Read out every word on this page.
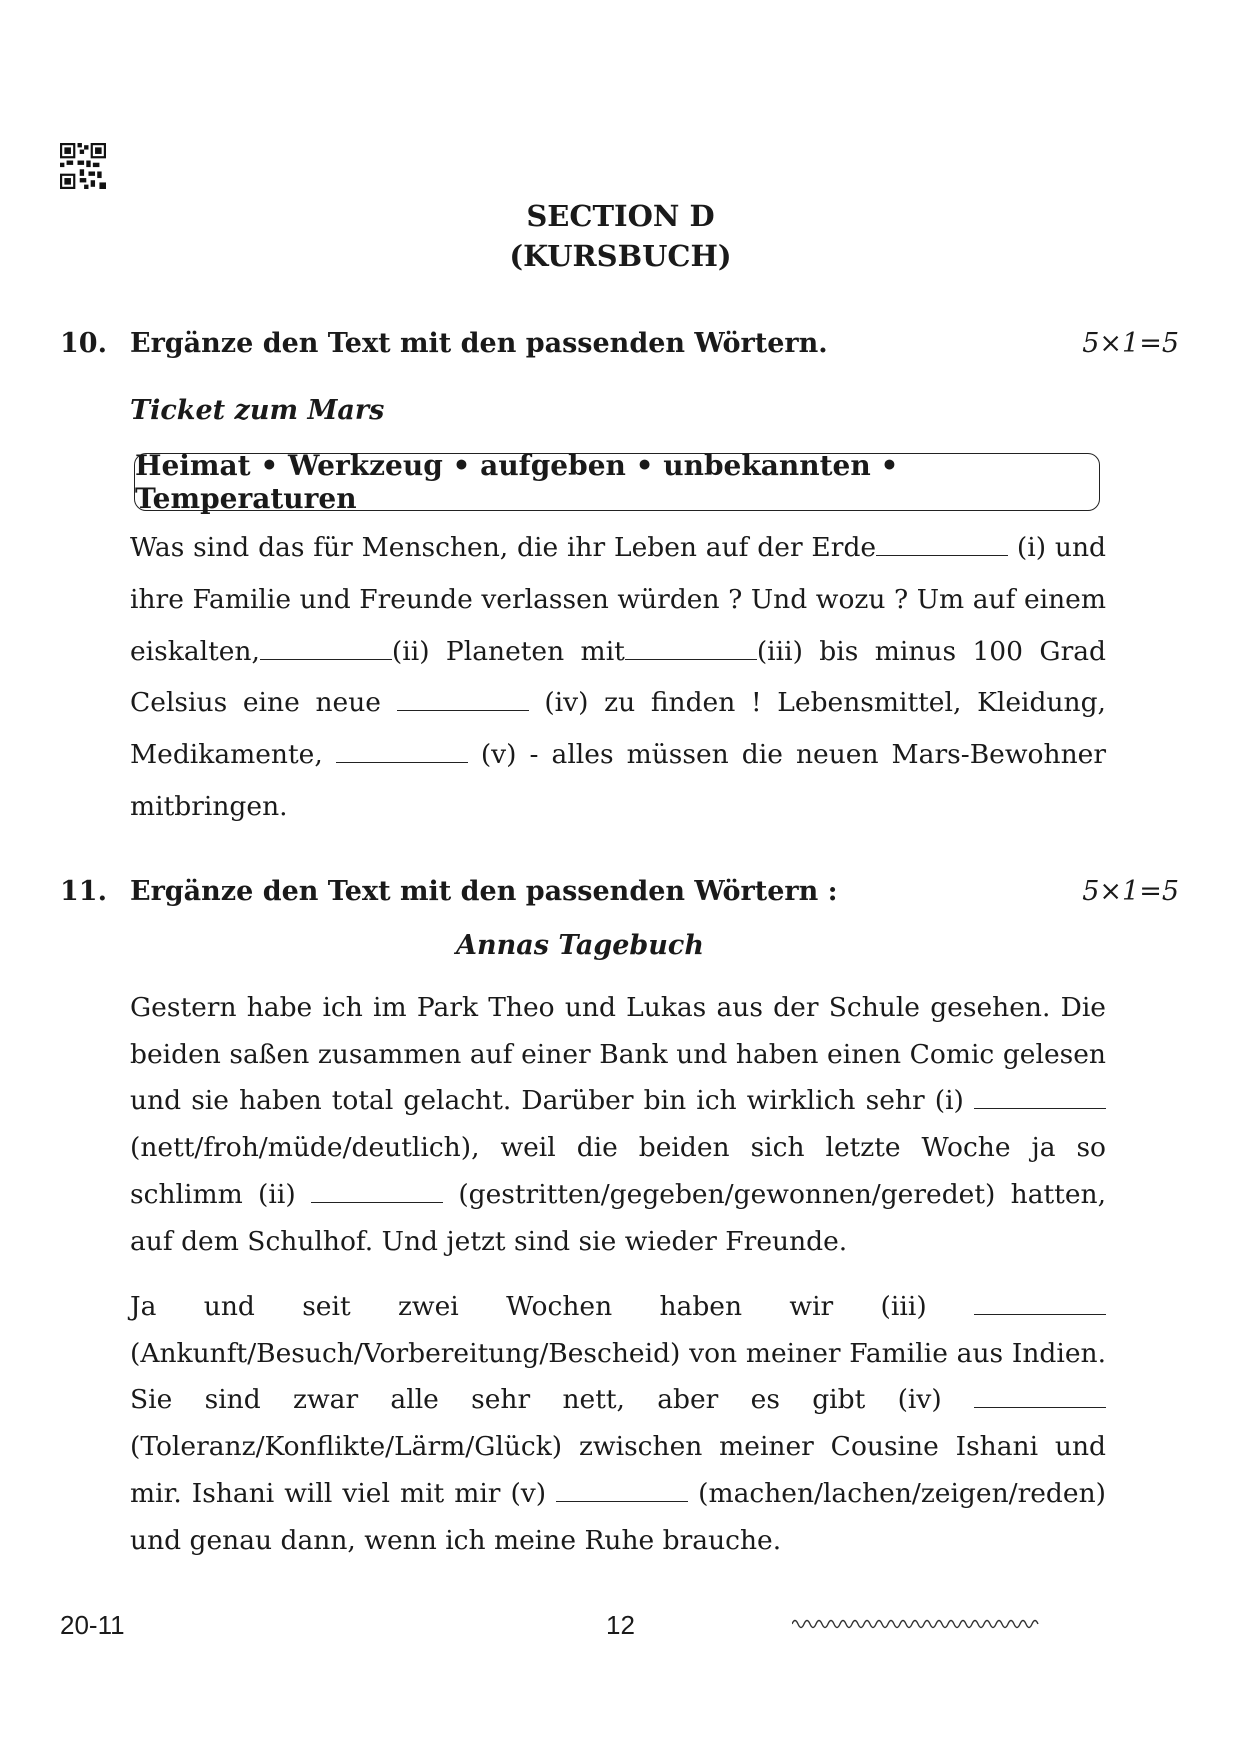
SECTION D
(KURSBUCH)
10. Ergänze den Text mit den passenden Wörtern.	5×1=5
Ticket zum Mars
Heimat • Werkzeug • aufgeben • unbekannten • Temperaturen
Was sind das für Menschen, die ihr Leben auf der Erde	(i) und ihre Familie und Freunde verlassen würden ? Und wozu ? Um auf einem eiskalten,	(ii) Planeten mit	(iii) bis minus 100 Grad Celsius eine neue	(iv) zu finden ! Lebensmittel, Kleidung, Medikamente,	(v) - alles müssen die neuen Mars-Bewohner mitbringen.
11. Ergänze den Text mit den passenden Wörtern :	5×1=5
Annas Tagebuch
Gestern habe ich im Park Theo und Lukas aus der Schule gesehen. Die beiden saßen zusammen auf einer Bank und haben einen Comic gelesen und sie haben total gelacht. Darüber bin ich wirklich sehr (i)  (nett/froh/müde/deutlich), weil die beiden sich letzte Woche ja so schlimm (ii)	(gestritten/gegeben/gewonnen/geredet) hatten, auf dem Schulhof. Und jetzt sind sie wieder Freunde.
Ja und seit zwei Wochen haben wir (iii)  (Ankunft/Besuch/Vorbereitung/Bescheid) von meiner Familie aus Indien. Sie sind zwar alle sehr nett, aber es gibt (iv)  (Toleranz/Konflikte/Lärm/Glück) zwischen meiner Cousine Ishani und mir. Ishani will viel mit mir (v)	(machen/lachen/zeigen/reden) und genau dann, wenn ich meine Ruhe brauche.
20-11	12
